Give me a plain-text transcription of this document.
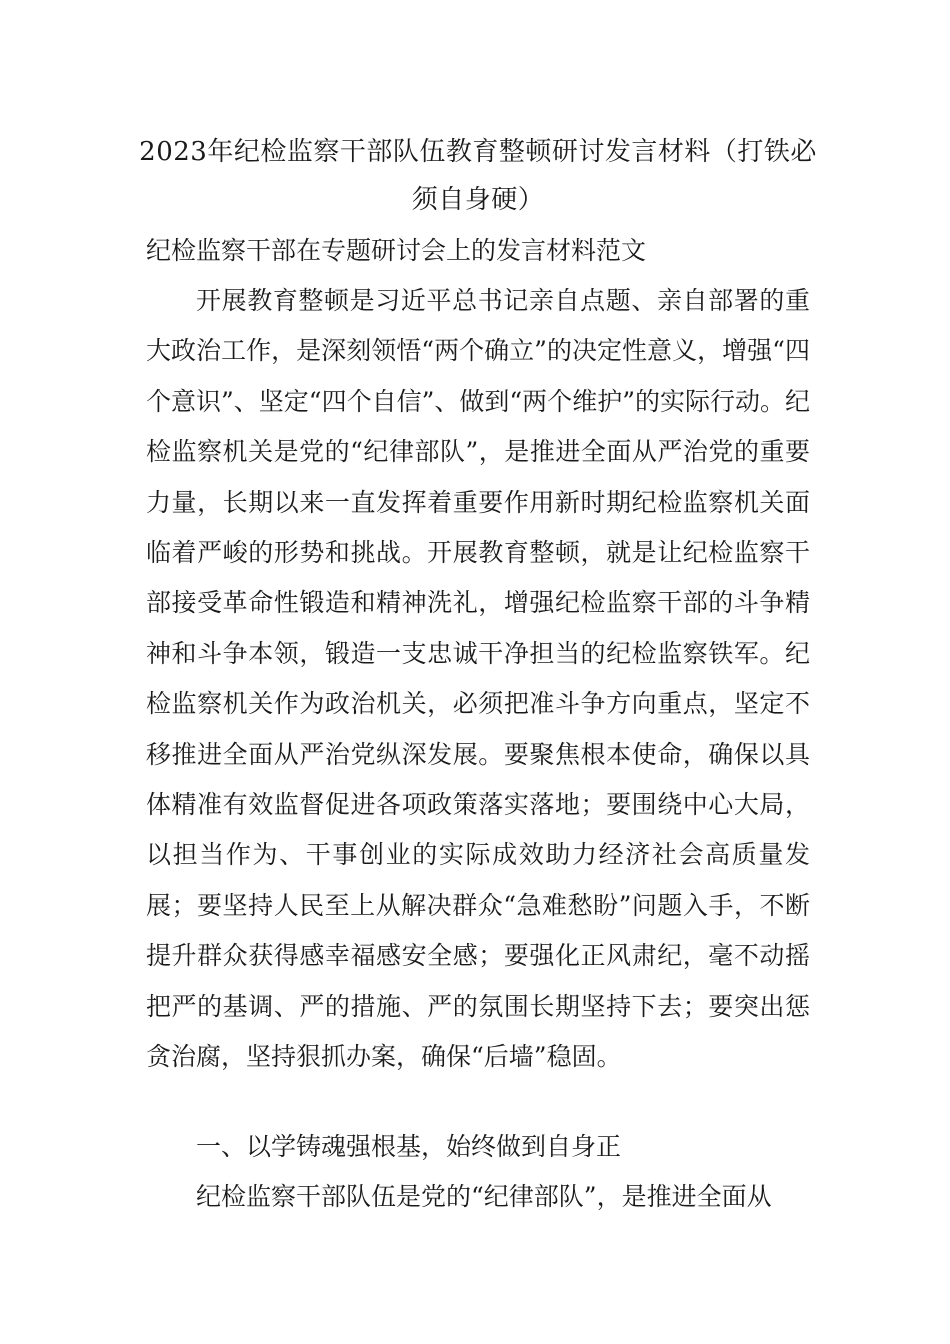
2023年纪检监察干部队伍教育整顿研讨发言材料（打铁必须自身硬）

纪检监察干部在专题研讨会上的发言材料范文

开展教育整顿是习近平总书记亲自点题、亲自部署的重大政治工作，是深刻领悟“两个确立”的决定性意义，增强“四个意识”、坚定“四个自信”、做到“两个维护”的实际行动。纪检监察机关是党的“纪律部队”，是推进全面从严治党的重要力量，长期以来一直发挥着重要作用新时期纪检监察机关面临着严峻的形势和挑战。开展教育整顿，就是让纪检监察干部接受革命性锻造和精神洗礼，增强纪检监察干部的斗争精神和斗争本领，锻造一支忠诚干净担当的纪检监察铁军。纪检监察机关作为政治机关，必须把准斗争方向重点，坚定不移推进全面从严治党纵深发展。要聚焦根本使命，确保以具体精准有效监督促进各项政策落实落地；要围绕中心大局，以担当作为、干事创业的实际成效助力经济社会高质量发展；要坚持人民至上从解决群众“急难愁盼”问题入手，不断提升群众获得感幸福感安全感；要强化正风肃纪，毫不动摇把严的基调、严的措施、严的氛围长期坚持下去；要突出惩贪治腐，坚持狠抓办案，确保“后墙”稳固。

一、以学铸魂强根基，始终做到自身正

纪检监察干部队伍是党的“纪律部队”，是推进全面从
